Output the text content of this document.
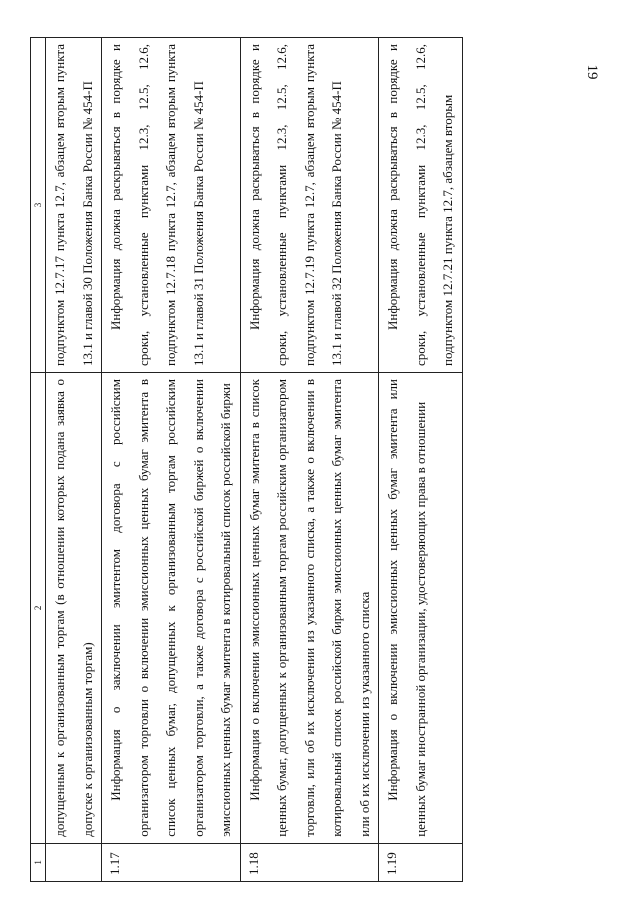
1	2	3
	допущенным к организованным торгам (в отношении которых подана заявка о допуске к организованным торгам)	подпунктом 12.7.17 пункта 12.7, абзацем вторым пункта 13.1 и главой 30 Положения Банка России № 454-П
1.17	Информация о заключении эмитентом договора с российским организатором торговли о включении эмиссионных ценных бумаг эмитента в список ценных бумаг, допущенных к организованным торгам российским организатором торговли, а также договора с российской биржей о включении эмиссионных ценных бумаг эмитента в котировальный список российской биржи	Информация должна раскрываться в порядке и сроки, установленные пунктами 12.3, 12.5, 12.6, подпунктом 12.7.18 пункта 12.7, абзацем вторым пункта 13.1 и главой 31 Положения Банка России № 454-П
1.18	Информация о включении эмиссионных ценных бумаг эмитента в список ценных бумаг, допущенных к организованным торгам российским организатором торговли, или об их исключении из указанного списка, а также о включении в котировальный список российской биржи эмиссионных ценных бумаг эмитента или об их исключении из указанного списка	Информация должна раскрываться в порядке и сроки, установленные пунктами 12.3, 12.5, 12.6, подпунктом 12.7.19 пункта 12.7, абзацем вторым пункта 13.1 и главой 32 Положения Банка России № 454-П
1.19	Информация о включении эмиссионных ценных бумаг эмитента или ценных бумаг иностранной организации, удостоверяющих права в отношении	Информация должна раскрываться в порядке и сроки, установленные пунктами 12.3, 12.5, 12.6, подпунктом 12.7.21 пункта 12.7, абзацем вторым
19
